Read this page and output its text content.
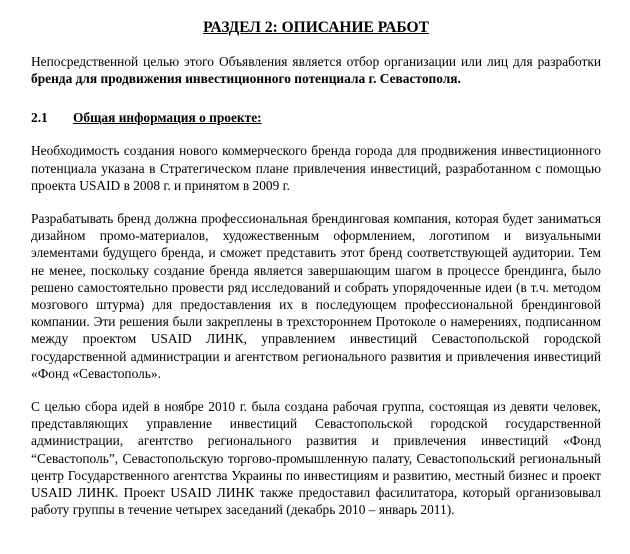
РАЗДЕЛ 2: ОПИСАНИЕ РАБОТ

Непосредственной целью этого Объявления является отбор организации или лиц для разработки бренда для продвижения инвестиционного потенциала г. Севастополя.

2.1	Общая информация о проекте:

Необходимость создания нового коммерческого бренда города для продвижения инвестиционного потенциала указана в Стратегическом плане привлечения инвестиций, разработанном с помощью проекта USAID в 2008 г. и принятом в 2009 г.

Разрабатывать бренд должна профессиональная брендинговая компания, которая будет заниматься дизайном промо-материалов, художественным оформлением, логотипом и визуальными элементами будущего бренда, и сможет представить этот бренд соответствующей аудитории. Тем не менее, поскольку создание бренда является завершающим шагом в процессе брендинга, было решено самостоятельно провести ряд исследований и собрать упорядоченные идеи (в т.ч. методом мозгового штурма) для предоставления их в последующем профессиональной брендинговой компании. Эти решения были закреплены в трехстороннем Протоколе о намерениях, подписанном между проектом USAID ЛИНК, управлением инвестиций Севастопольской городской государственной администрации и агентством регионального развития и привлечения инвестиций «Фонд «Севастополь».

С целью сбора идей в ноябре 2010 г. была создана рабочая группа, состоящая из девяти человек, представляющих управление инвестиций Севастопольской городской государственной администрации, агентство регионального развития и привлечения инвестиций «Фонд “Севастополь”, Севастопольскую торгово-промышленную палату, Севастопольский региональный центр Государственного агентства Украины по инвестициям и развитию, местный бизнес и проект USAID ЛИНК. Проект USAID ЛИНК также предоставил фасилитатора, который организовывал работу группы в течение четырех заседаний (декабрь 2010 – январь 2011).
